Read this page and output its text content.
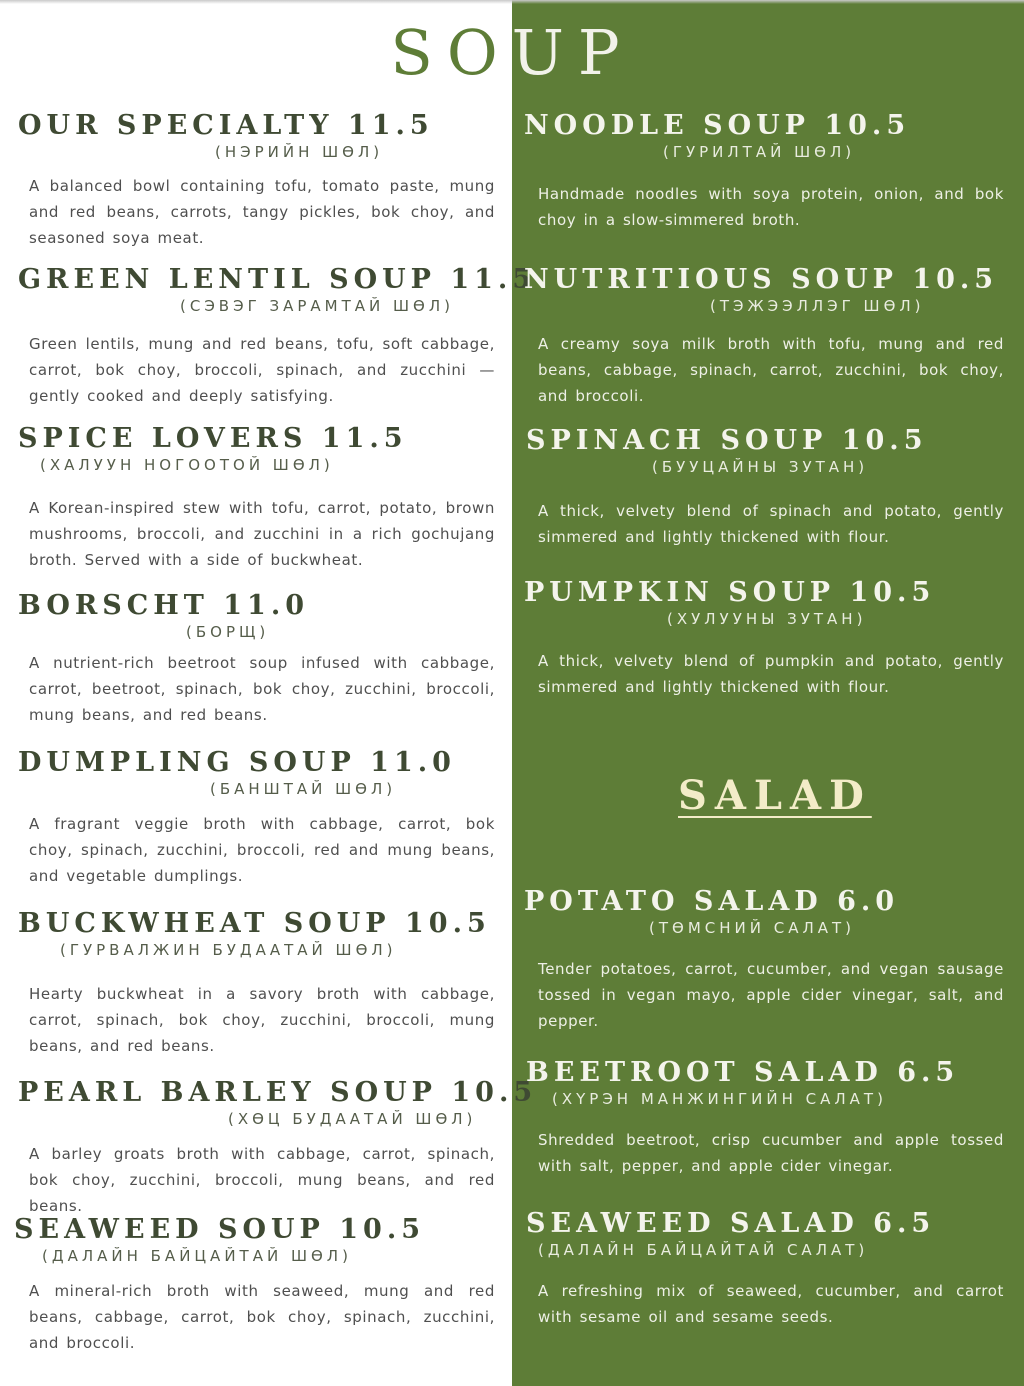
SOUP
OUR SPECIALTY 11.5
(НЭРИЙН ШӨЛ)
A balanced bowl containing tofu, tomato paste, mung and red beans, carrots, tangy pickles, bok choy, and seasoned soya meat.
GREEN LENTIL SOUP 11.5
(СЭВЭГ ЗАРАМТАЙ ШӨЛ)
Green lentils, mung and red beans, tofu, soft cabbage, carrot, bok choy, broccoli, spinach, and zucchini — gently cooked and deeply satisfying.
SPICE LOVERS 11.5
(ХАЛУУН НОГООТОЙ ШӨЛ)
A Korean-inspired stew with tofu, carrot, potato, brown mushrooms, broccoli, and zucchini in a rich gochujang broth. Served with a side of buckwheat.
BORSCHT 11.0
(БОРЩ)
A nutrient-rich beetroot soup infused with cabbage, carrot, beetroot, spinach, bok choy, zucchini, broccoli, mung beans, and red beans.
DUMPLING SOUP 11.0
(БАНШТАЙ ШӨЛ)
A fragrant veggie broth with cabbage, carrot, bok choy, spinach, zucchini, broccoli, red and mung beans, and vegetable dumplings.
BUCKWHEAT SOUP 10.5
(ГУРВАЛЖИН БУДААТАЙ ШӨЛ)
Hearty buckwheat in a savory broth with cabbage, carrot, spinach, bok choy, zucchini, broccoli, mung beans, and red beans.
PEARL BARLEY SOUP 10.5
(ХӨЦ БУДААТАЙ ШӨЛ)
A barley groats broth with cabbage, carrot, spinach, bok choy, zucchini, broccoli, mung beans, and red beans.
SEAWEED SOUP 10.5
(ДАЛАЙН БАЙЦАЙТАЙ ШӨЛ)
A mineral-rich broth with seaweed, mung and red beans, cabbage, carrot, bok choy, spinach, zucchini, and broccoli.
NOODLE SOUP 10.5
(ГУРИЛТАЙ ШӨЛ)
Handmade noodles with soya protein, onion, and bok choy in a slow-simmered broth.
NUTRITIOUS SOUP 10.5
(ТЭЖЭЭЛЛЭГ ШӨЛ)
A creamy soya milk broth with tofu, mung and red beans, cabbage, spinach, carrot, zucchini, bok choy, and broccoli.
SPINACH SOUP 10.5
(БУУЦАЙНЫ ЗУТАН)
A thick, velvety blend of spinach and potato, gently simmered and lightly thickened with flour.
PUMPKIN SOUP 10.5
(ХУЛУУНЫ ЗУТАН)
A thick, velvety blend of pumpkin and potato, gently simmered and lightly thickened with flour.
SALAD
POTATO SALAD 6.0
(ТӨМСНИЙ САЛАТ)
Tender potatoes, carrot, cucumber, and vegan sausage tossed in vegan mayo, apple cider vinegar, salt, and pepper.
BEETROOT SALAD 6.5
(ХҮРЭН МАНЖИНГИЙН САЛАТ)
Shredded beetroot, crisp cucumber and apple tossed with salt, pepper, and apple cider vinegar.
SEAWEED SALAD 6.5
(ДАЛАЙН БАЙЦАЙТАЙ САЛАТ)
A refreshing mix of seaweed, cucumber, and carrot with sesame oil and sesame seeds.
